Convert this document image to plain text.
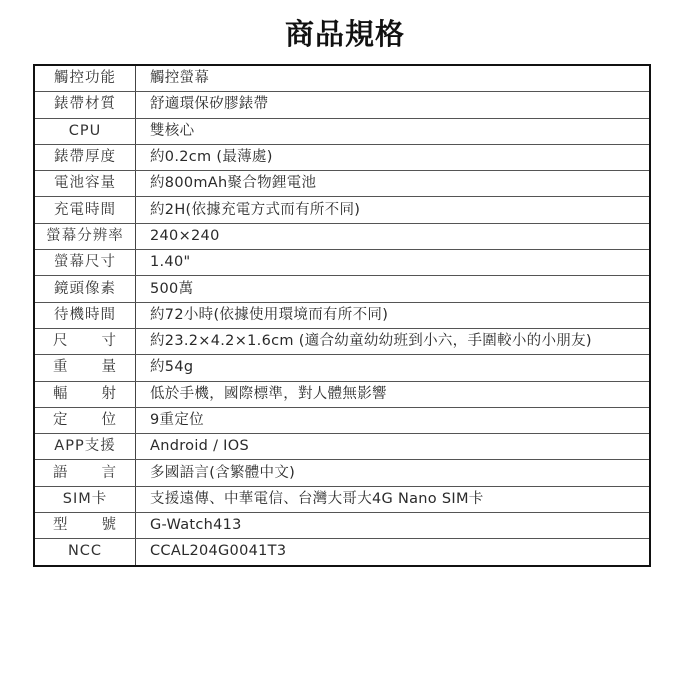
商品規格
觸控功能	觸控螢幕
錶帶材質	舒適環保矽膠錶帶
CPU	雙核心
錶帶厚度	約0.2cm (最薄處)
電池容量	約800mAh聚合物鋰電池
充電時間	約2H(依據充電方式而有所不同)
螢幕分辨率	240×240
螢幕尺寸	1.40"
鏡頭像素	500萬
待機時間	約72小時(依據使用環境而有所不同)
尺寸	約23.2×4.2×1.6cm (適合幼童幼幼班到小六，手圍較小的小朋友)
重量	約54g
輻射	低於手機，國際標準，對人體無影響
定位	9重定位
APP支援	Android / IOS
語言	多國語言(含繁體中文)
SIM卡	支援遠傳、中華電信、台灣大哥大4G Nano SIM卡
型號	G-Watch413
NCC	CCAL204G0041T3
